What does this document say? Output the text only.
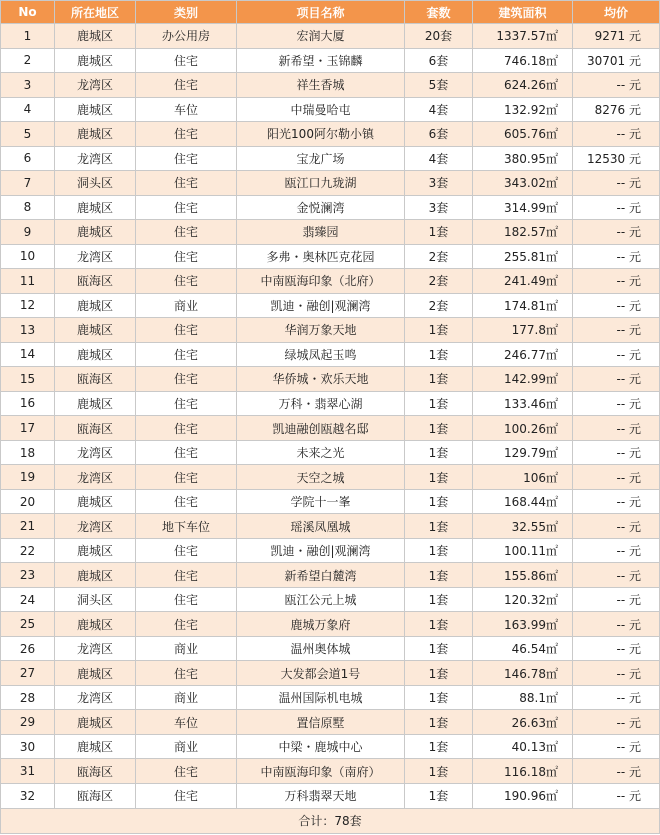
No	所在地区	类别	项目名称	套数	建筑面积	均价
1	鹿城区	办公用房	宏润大厦	20套	1337.57㎡	9271 元
2	鹿城区	住宅	新希望・玉锦麟	6套	746.18㎡	30701 元
3	龙湾区	住宅	祥生香城	5套	624.26㎡	-- 元
4	鹿城区	车位	中瑞曼哈屯	4套	132.92㎡	8276 元
5	鹿城区	住宅	阳光100阿尔勒小镇	6套	605.76㎡	-- 元
6	龙湾区	住宅	宝龙广场	4套	380.95㎡	12530 元
7	洞头区	住宅	瓯江口九珑湖	3套	343.02㎡	-- 元
8	鹿城区	住宅	金悦澜湾	3套	314.99㎡	-- 元
9	鹿城区	住宅	翡臻园	1套	182.57㎡	-- 元
10	龙湾区	住宅	多弗・奥林匹克花园	2套	255.81㎡	-- 元
11	瓯海区	住宅	中南瓯海印象（北府）	2套	241.49㎡	-- 元
12	鹿城区	商业	凯迪・融创|观澜湾	2套	174.81㎡	-- 元
13	鹿城区	住宅	华润万象天地	1套	177.8㎡	-- 元
14	鹿城区	住宅	绿城凤起玉鸣	1套	246.77㎡	-- 元
15	瓯海区	住宅	华侨城・欢乐天地	1套	142.99㎡	-- 元
16	鹿城区	住宅	万科・翡翠心湖	1套	133.46㎡	-- 元
17	瓯海区	住宅	凯迪融创瓯越名邸	1套	100.26㎡	-- 元
18	龙湾区	住宅	未来之光	1套	129.79㎡	-- 元
19	龙湾区	住宅	天空之城	1套	106㎡	-- 元
20	鹿城区	住宅	学院十一峯	1套	168.44㎡	-- 元
21	龙湾区	地下车位	瑶溪凤凰城	1套	32.55㎡	-- 元
22	鹿城区	住宅	凯迪・融创|观澜湾	1套	100.11㎡	-- 元
23	鹿城区	住宅	新希望白麓湾	1套	155.86㎡	-- 元
24	洞头区	住宅	瓯江公元上城	1套	120.32㎡	-- 元
25	鹿城区	住宅	鹿城万象府	1套	163.99㎡	-- 元
26	龙湾区	商业	温州奥体城	1套	46.54㎡	-- 元
27	鹿城区	住宅	大发都会道1号	1套	146.78㎡	-- 元
28	龙湾区	商业	温州国际机电城	1套	88.1㎡	-- 元
29	鹿城区	车位	置信原墅	1套	26.63㎡	-- 元
30	鹿城区	商业	中梁・鹿城中心	1套	40.13㎡	-- 元
31	瓯海区	住宅	中南瓯海印象（南府）	1套	116.18㎡	-- 元
32	瓯海区	住宅	万科翡翠天地	1套	190.96㎡	-- 元
合计：78套						
